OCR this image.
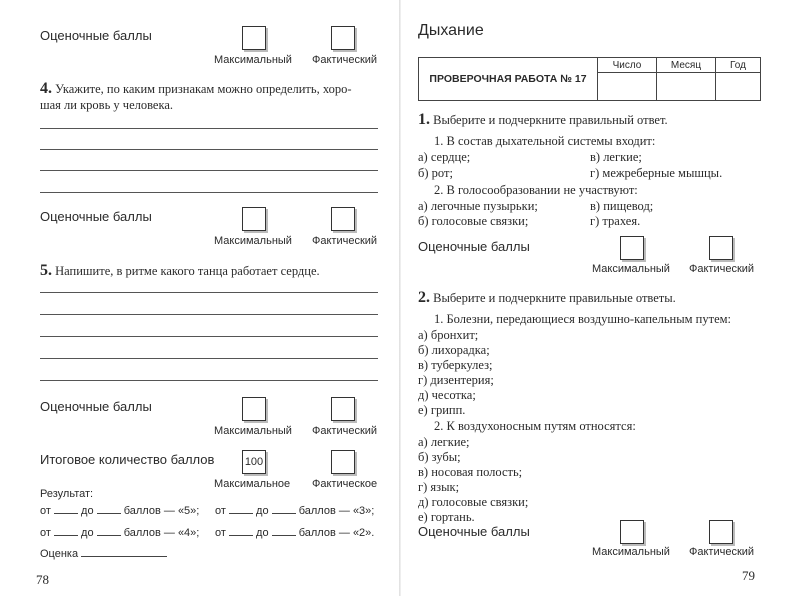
Оценочные баллы
Максимальный Фактический
4. Укажите, по каким признакам можно определить, хоро-
шая ли кровь у человека.
Оценочные баллы
Максимальный Фактический
5. Напишите, в ритме какого танца работает сердце.
Оценочные баллы
Максимальный Фактический
Итоговое количество баллов	100
Максимальное Фактическое
Результат:
от	до	баллов — «5»; от	до	баллов — «3»;
от	до	баллов — «4»; от	до	баллов — «2».
Оценка
78
Дыхание
ПРОВЕРОЧНАЯ РАБОТА № 17	Число	Месяц	Год

1. Выберите и подчеркните правильный ответ.
1. В состав дыхательной системы входит:
а) сердце;	в) легкие;
б) рот;	г) межреберные мышцы.
2. В голосообразовании не участвуют:
а) легочные пузырьки;	в) пищевод;
б) голосовые связки;	г) трахея.
Оценочные баллы
Максимальный Фактический
2. Выберите и подчеркните правильные ответы.
1. Болезни, передающиеся воздушно-капельным путем:
а) бронхит;
б) лихорадка;
в) туберкулез;
г) дизентерия;
д) чесотка;
е) грипп.
2. К воздухоносным путям относятся:
а) легкие;
б) зубы;
в) носовая полость;
г) язык;
д) голосовые связки;
е) гортань.
Оценочные баллы
Максимальный Фактический
79
